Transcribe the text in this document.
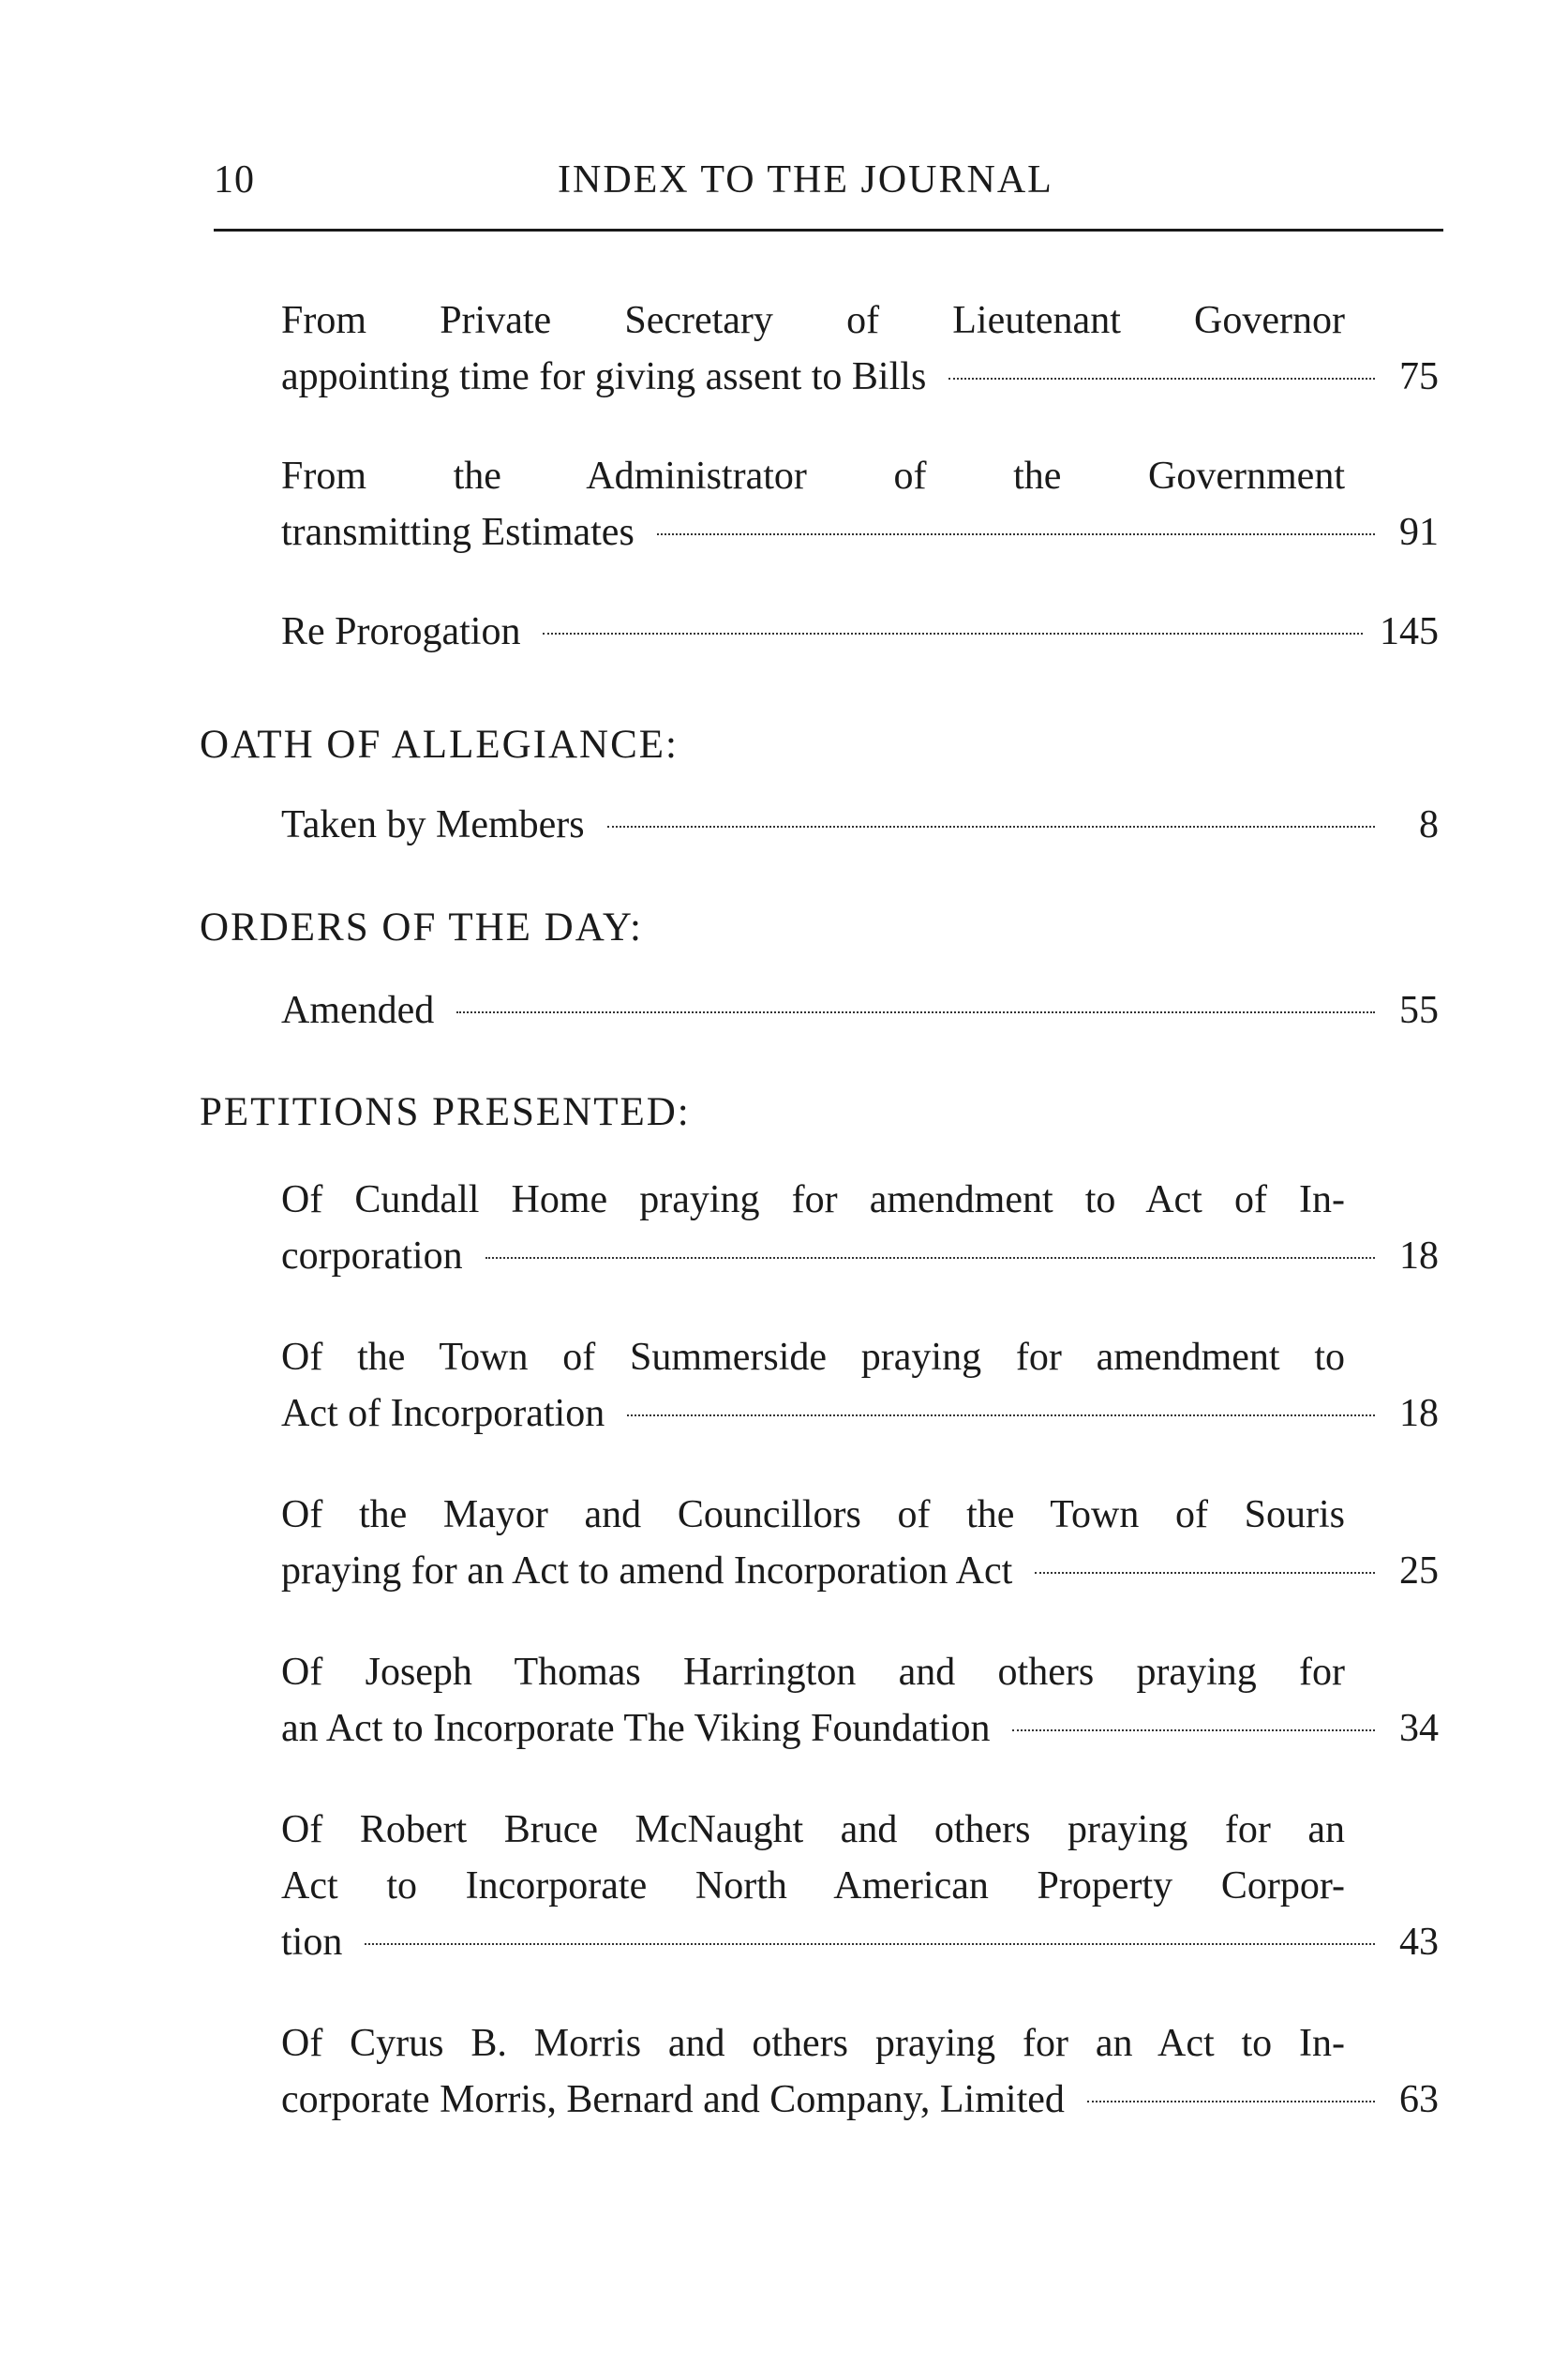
10	INDEX TO THE JOURNAL
From Private Secretary of Lieutenant Governor
appointing time for giving assent to Bills	75
From the Administrator of the Government
transmitting Estimates	91
Re Prorogation	145
OATH OF ALLEGIANCE:
Taken by Members	8
ORDERS OF THE DAY:
Amended	55
PETITIONS PRESENTED:
Of Cundall Home praying for amendment to Act of In-
corporation	18
Of the Town of Summerside praying for amendment to
Act of Incorporation	18
Of the Mayor and Councillors of the Town of Souris
praying for an Act to amend Incorporation Act	25
Of Joseph Thomas Harrington and others praying for
an Act to Incorporate The Viking Foundation	34
Of Robert Bruce McNaught and others praying for an
Act to Incorporate North American Property Corpor-
tion	43
Of Cyrus B. Morris and others praying for an Act to In-
corporate Morris, Bernard and Company, Limited	63
